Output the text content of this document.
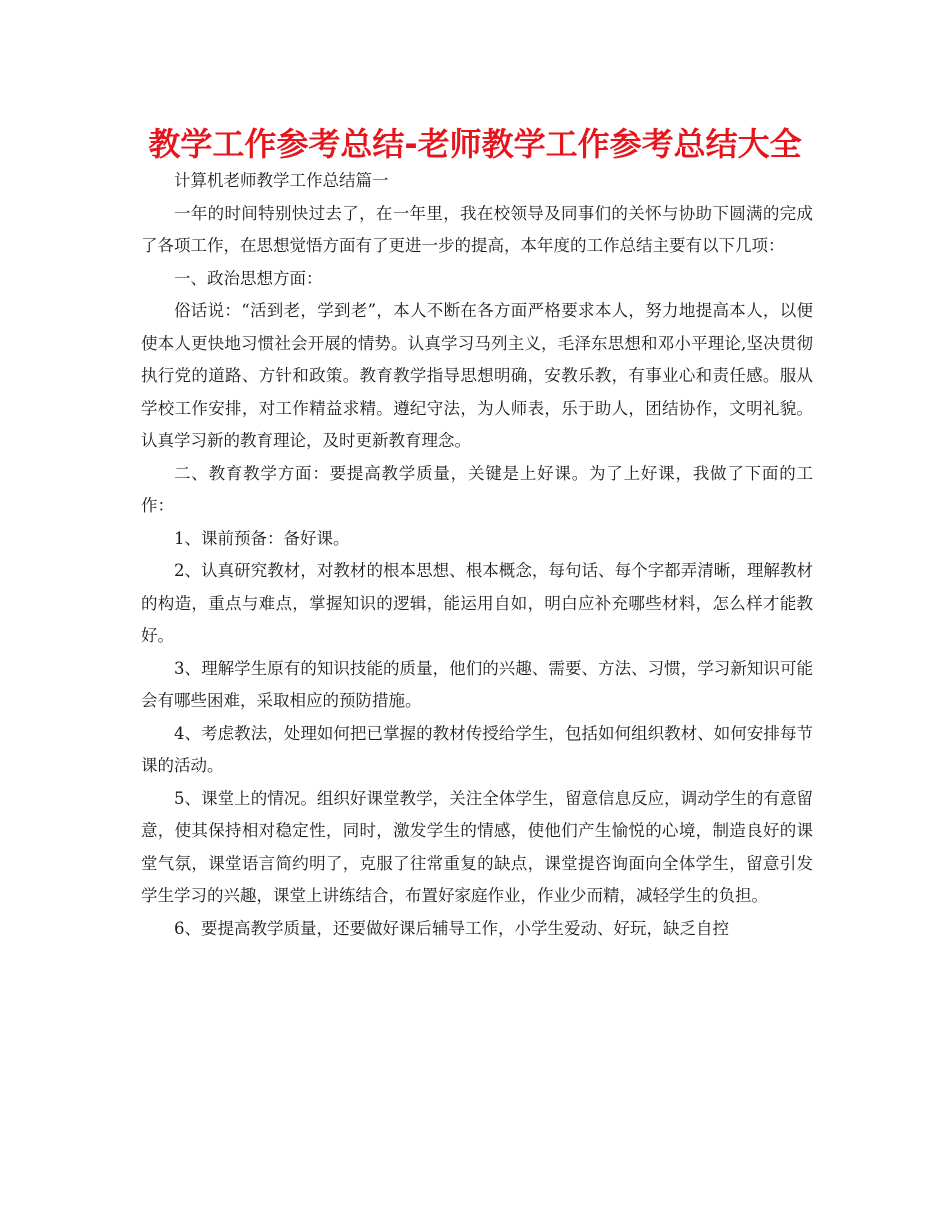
教学工作参考总结-老师教学工作参考总结大全

计算机老师教学工作总结篇一

一年的时间特别快过去了，在一年里，我在校领导及同事们的关怀与协助下圆满的完成了各项工作，在思想觉悟方面有了更进一步的提高，本年度的工作总结主要有以下几项：

一、政治思想方面：

俗话说：“活到老，学到老”，本人不断在各方面严格要求本人，努力地提高本人，以便使本人更快地习惯社会开展的情势。认真学习马列主义，毛泽东思想和邓小平理论,坚决贯彻执行党的道路、方针和政策。教育教学指导思想明确，安教乐教，有事业心和责任感。服从学校工作安排，对工作精益求精。遵纪守法，为人师表，乐于助人，团结协作，文明礼貌。认真学习新的教育理论，及时更新教育理念。

二、教育教学方面：要提高教学质量，关键是上好课。为了上好课，我做了下面的工作：

1、课前预备：备好课。

2、认真研究教材，对教材的根本思想、根本概念，每句话、每个字都弄清晰，理解教材的构造，重点与难点，掌握知识的逻辑，能运用自如，明白应补充哪些材料，怎么样才能教好。

3、理解学生原有的知识技能的质量，他们的兴趣、需要、方法、习惯，学习新知识可能会有哪些困难，采取相应的预防措施。

4、考虑教法，处理如何把已掌握的教材传授给学生，包括如何组织教材、如何安排每节课的活动。

5、课堂上的情况。组织好课堂教学，关注全体学生，留意信息反应，调动学生的有意留意，使其保持相对稳定性，同时，激发学生的情感，使他们产生愉悦的心境，制造良好的课堂气氛，课堂语言简约明了，克服了往常重复的缺点，课堂提咨询面向全体学生，留意引发学生学习的兴趣，课堂上讲练结合，布置好家庭作业，作业少而精，减轻学生的负担。

6、要提高教学质量，还要做好课后辅导工作，小学生爱动、好玩，缺乏自控
